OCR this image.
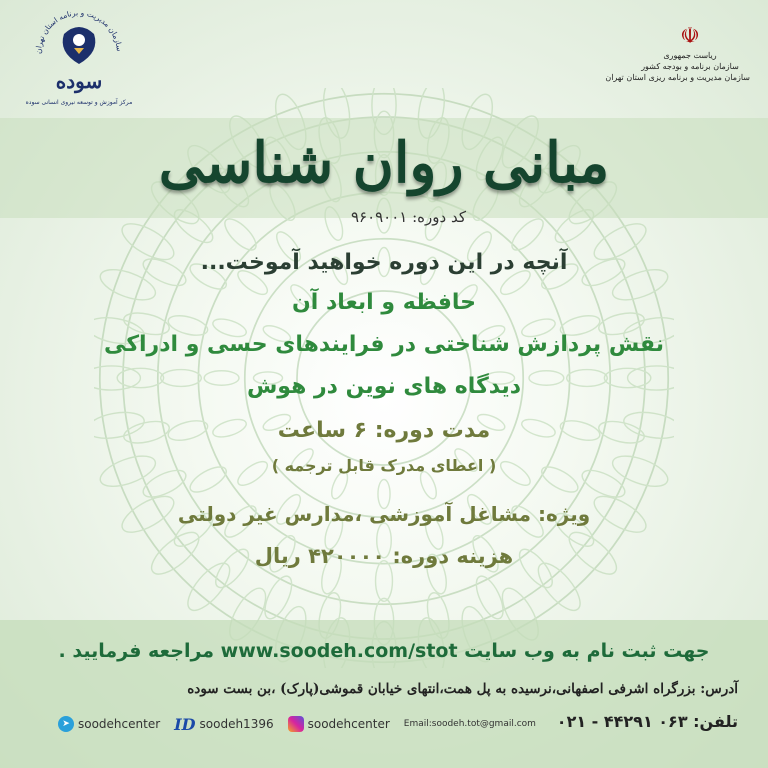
سازمان مدیریت و برنامه استان تهران
سوده
مرکز آموزش و توسعه نیروی انسانی سوده
☫
ریاست جمهوری
سازمان برنامه و بودجه کشور
سازمان مدیریت و برنامه ریزی استان تهران
مبانی روان شناسی
کد دوره: ۹۶۰۹۰۰۱
آنچه در این دوره خواهید آموخت...
حافظه و ابعاد آن
نقش پردازش شناختی در فرایندهای حسی و ادراکی
دیدگاه های نوین در هوش
مدت دوره: ۶ ساعت
( اعطای مدرک قابل ترجمه )
ویژه: مشاغل آموزشی ،مدارس غیر دولتی
هزینه دوره: ۴۲۰۰۰۰ ریال
جهت ثبت نام به وب سایت www.soodeh.com/stot مراجعه فرمایید .
آدرس: بزرگراه اشرفی اصفهانی،نرسیده به پل همت،انتهای خیابان قموشی(پارک) ،بن بست سوده
تلفن: ۰۶۳ ۴۴۲۹۱ - ۰۲۱
➤ soodehcenter ID soodeh1396	soodehcenter Email:soodeh.tot@gmail.com
